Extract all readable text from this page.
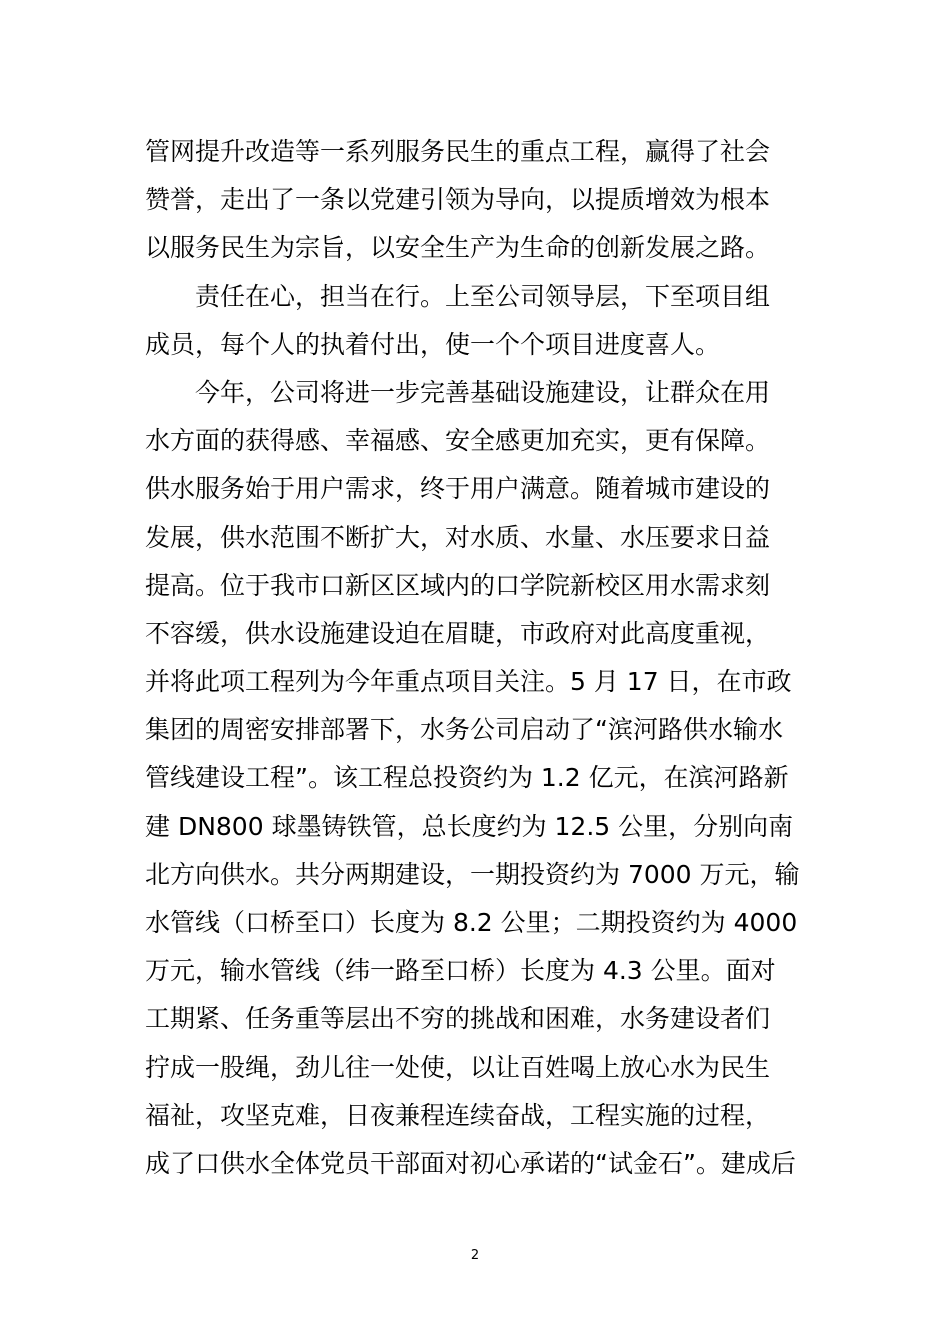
管网提升改造等一系列服务民生的重点工程，赢得了社会
赞誉，走出了一条以党建引领为导向，以提质增效为根本
以服务民生为宗旨，以安全生产为生命的创新发展之路。
责任在心，担当在行。上至公司领导层，下至项目组
成员，每个人的执着付出，使一个个项目进度喜人。
今年，公司将进一步完善基础设施建设，让群众在用
水方面的获得感、幸福感、安全感更加充实，更有保障。
供水服务始于用户需求，终于用户满意。随着城市建设的
发展，供水范围不断扩大，对水质、水量、水压要求日益
提高。位于我市口新区区域内的口学院新校区用水需求刻
不容缓，供水设施建设迫在眉睫，市政府对此高度重视，
并将此项工程列为今年重点项目关注。5 月 17 日，在市政
集团的周密安排部署下，水务公司启动了“滨河路供水输水
管线建设工程”。该工程总投资约为 1.2 亿元，在滨河路新
建 DN800 球墨铸铁管，总长度约为 12.5 公里，分别向南
北方向供水。共分两期建设，一期投资约为 7000 万元，输
水管线（口桥至口）长度为 8.2 公里；二期投资约为 4000
万元，输水管线（纬一路至口桥）长度为 4.3 公里。面对
工期紧、任务重等层出不穷的挑战和困难，水务建设者们
拧成一股绳，劲儿往一处使，以让百姓喝上放心水为民生
福祉，攻坚克难，日夜兼程连续奋战，工程实施的过程，
成了口供水全体党员干部面对初心承诺的“试金石”。建成后
2
